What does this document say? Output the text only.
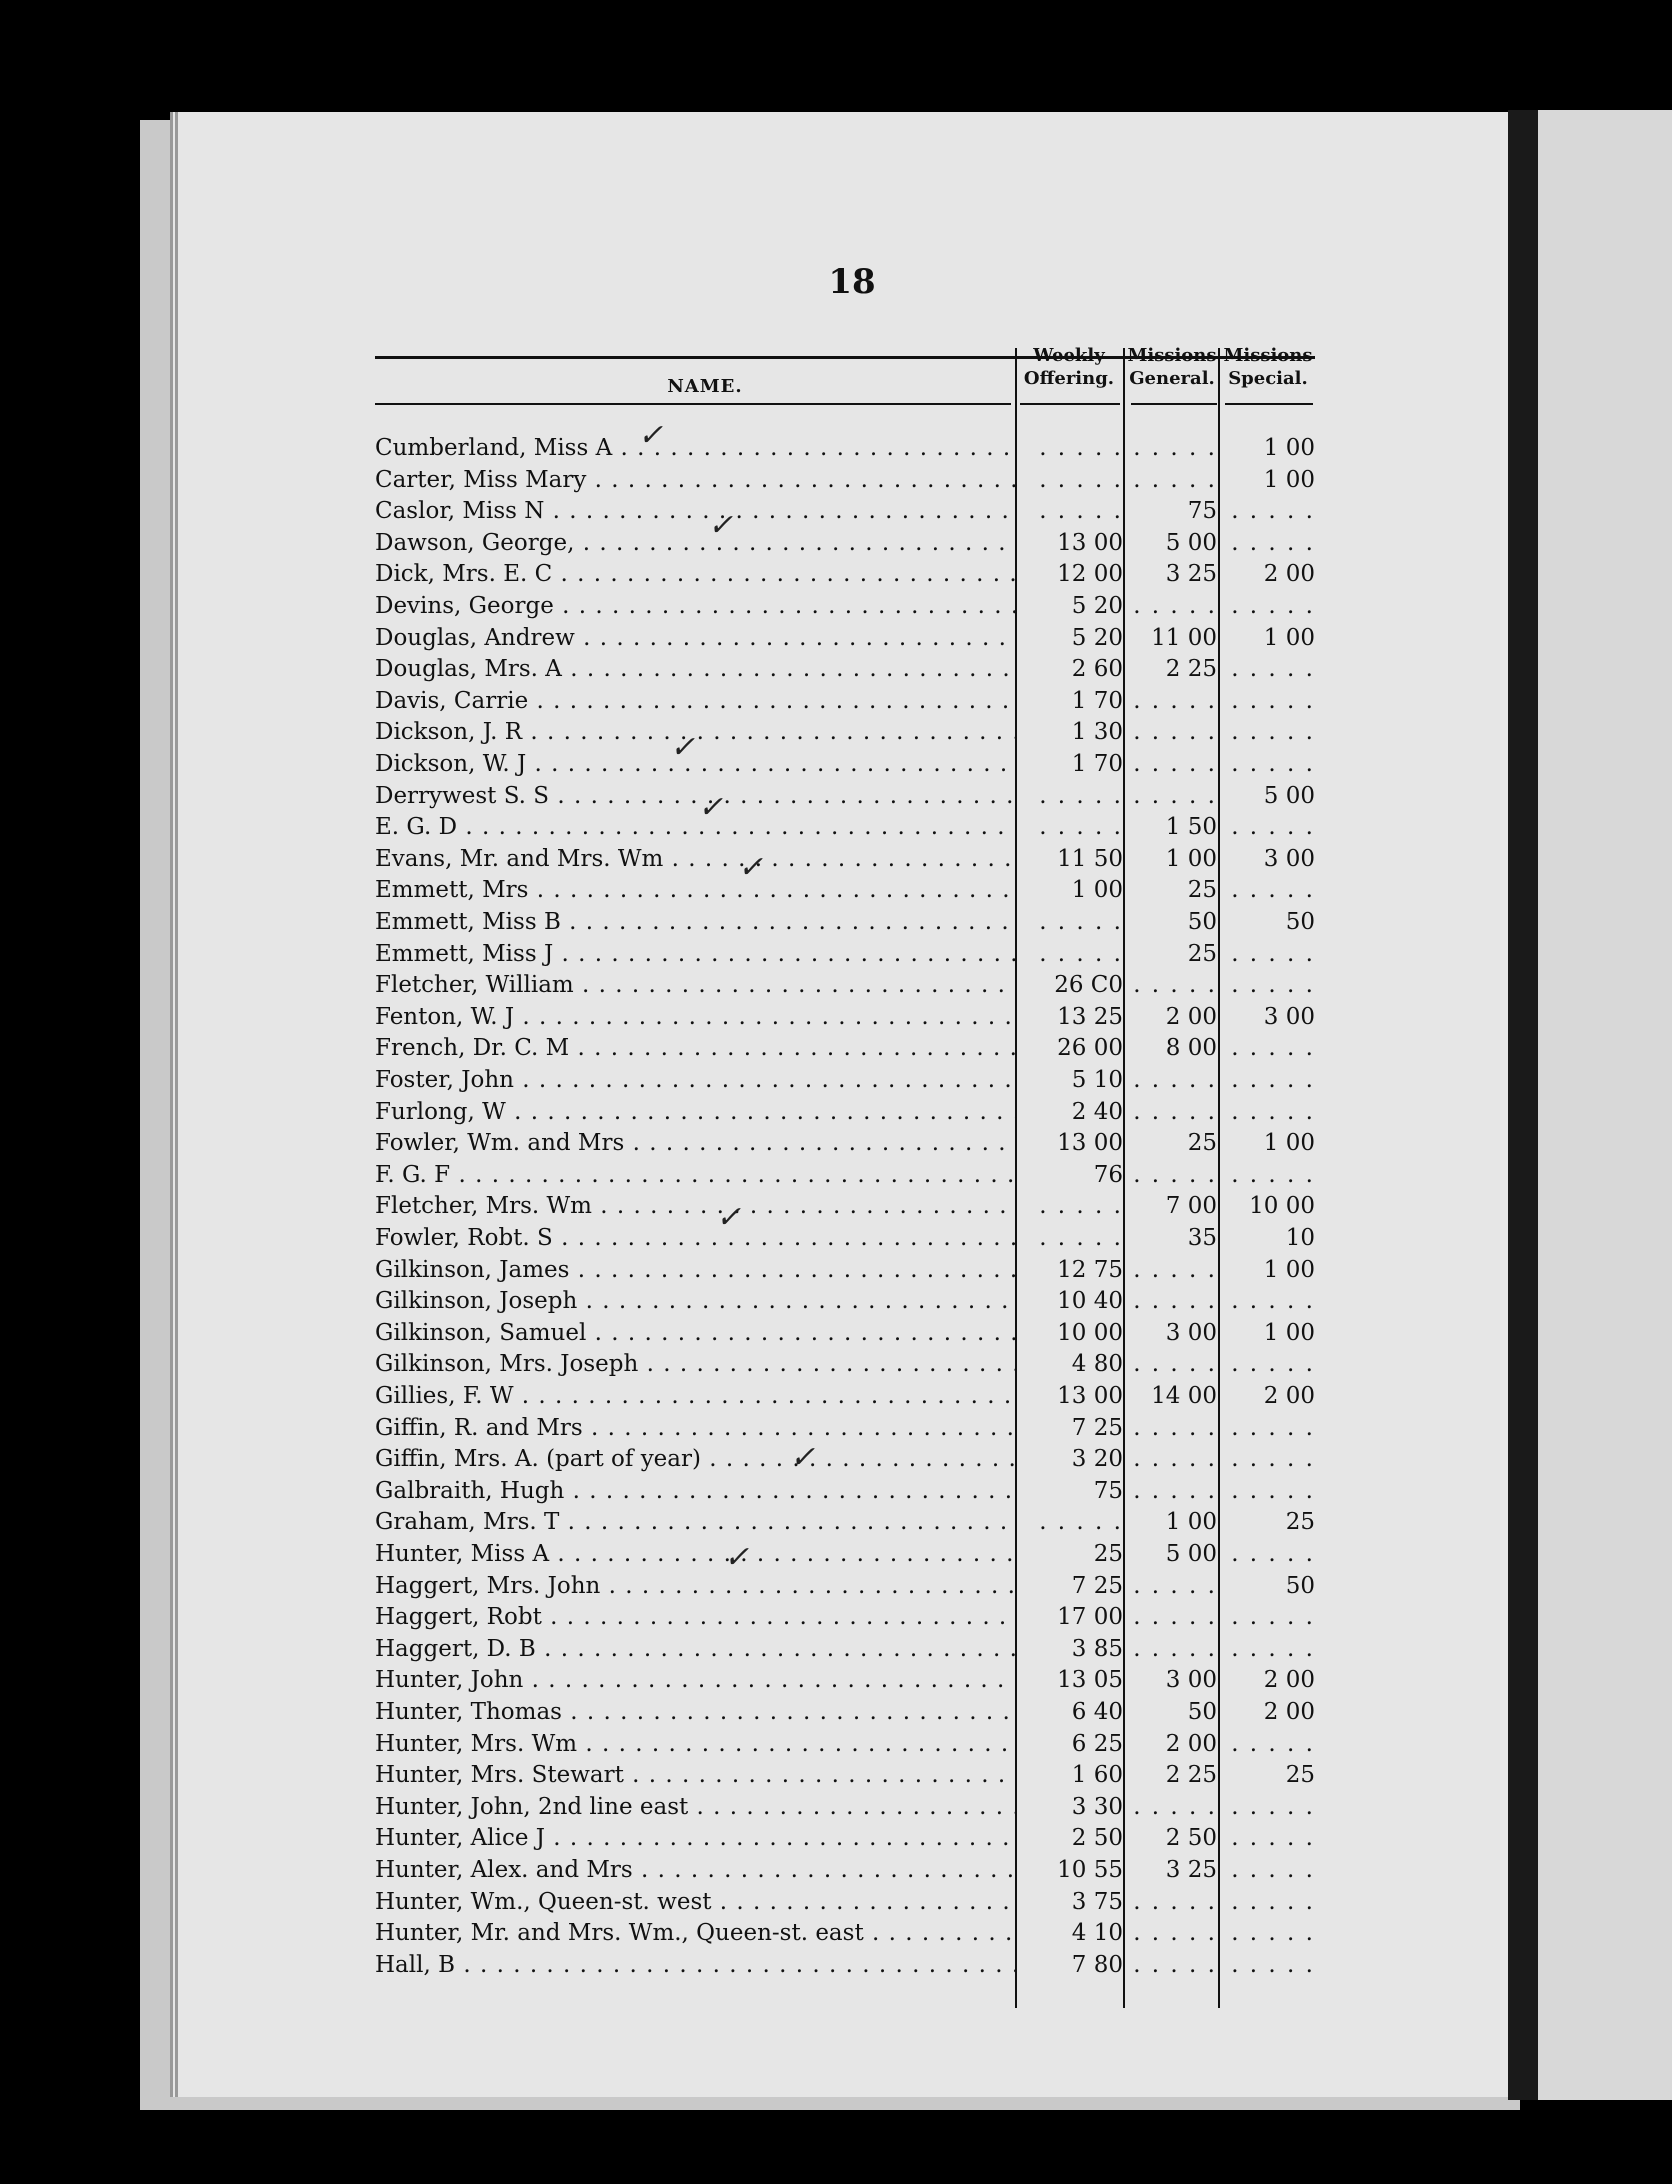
18
NAME.
Weekly
Offering.
Missions
General.
Missions
Special.
Cumberland, Miss A . . .	. . . . . . . . . .	1 00
Carter, Miss Mary . . .	. . . . . . . . . .	1 00
Caslor, Miss N . . .	. . . . .	75 . . . . .
Dawson, George, . . .	13 00	5 00 . . . . .
Dick, Mrs. E. C . . .	12 00	3 25	2 00
Devins, George . . .	5 20 . . . . . . . . . .
Douglas, Andrew . . .	5 20	11 00	1 00
Douglas, Mrs. A . . .	2 60	2 25 . . . . .
Davis, Carrie . . .	1 70 . . . . . . . . . .
Dickson, J. R . . .	1 30 . . . . . . . . . .
Dickson, W. J . . .	1 70 . . . . . . . . . .
Derrywest S. S . . .	. . . . . . . . . .	5 00
E. G. D . . .	. . . . .	1 50 . . . . .
Evans, Mr. and Mrs. Wm . . .	11 50	1 00	3 00
Emmett, Mrs . . .	1 00	25 . . . . .
Emmett, Miss B . . .	. . . . .	50	50
Emmett, Miss J . . .	. . . . .	25 . . . . .
Fletcher, William . . .	26 C0 . . . . . . . . . .
Fenton, W. J . . .	13 25	2 00	3 00
French, Dr. C. M . . .	26 00	8 00 . . . . .
Foster, John . . .	5 10 . . . . . . . . . .
Furlong, W . . .	2 40 . . . . . . . . . .
Fowler, Wm. and Mrs . . .	13 00	25	1 00
F. G. F . . .	76 . . . . . . . . . .
Fletcher, Mrs. Wm . . .	. . . . .	7 00	10 00
Fowler, Robt. S . . .	. . . . .	35	10
Gilkinson, James . . .	12 75 . . . . .	1 00
Gilkinson, Joseph . . .	10 40 . . . . . . . . . .
Gilkinson, Samuel . . .	10 00	3 00	1 00
Gilkinson, Mrs. Joseph . . .	4 80 . . . . . . . . . .
Gillies, F. W . . .	13 00	14 00	2 00
Giffin, R. and Mrs . . .	7 25 . . . . . . . . . .
Giffin, Mrs. A. (part of year) . . .	3 20 . . . . . . . . . .
Galbraith, Hugh . . .	75 . . . . . . . . . .
Graham, Mrs. T . . .	. . . . .	1 00	25
Hunter, Miss A . . .	25	5 00 . . . . .
Haggert, Mrs. John . . .	7 25 . . . . .	50
Haggert, Robt . . .	17 00 . . . . . . . . . .
Haggert, D. B . . .	3 85 . . . . . . . . . .
Hunter, John . . .	13 05	3 00	2 00
Hunter, Thomas . . .	6 40	50	2 00
Hunter, Mrs. Wm . . .	6 25	2 00 . . . . .
Hunter, Mrs. Stewart . . .	1 60	2 25	25
Hunter, John, 2nd line east . . .	3 30 . . . . . . . . . .
Hunter, Alice J . . .	2 50	2 50 . . . . .
Hunter, Alex. and Mrs . . .	10 55	3 25 . . . . .
Hunter, Wm., Queen-st. west . . .	3 75 . . . . . . . . . .
Hunter, Mr. and Mrs. Wm., Queen-st. east . . .	4 10 . . . . . . . . . .
Hall, B . . .	7 80 . . . . . . . . . .
✓
✓
✓
✓
✓
✓
✓
✓
